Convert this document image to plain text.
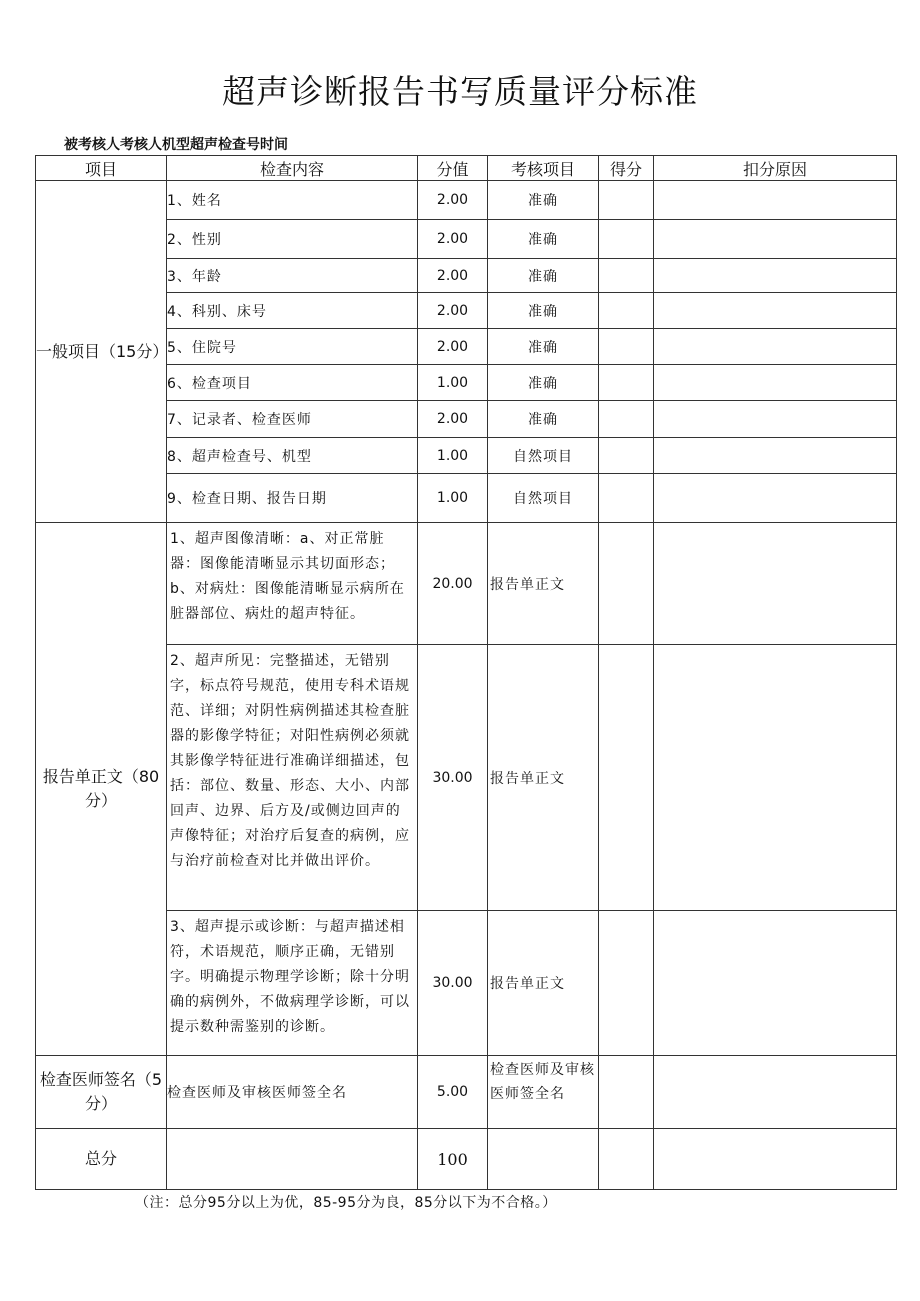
超声诊断报告书写质量评分标准
被考核人考核人机型超声检查号时间
项目	检查内容	分值	考核项目	得分	扣分原因
一般项目（15分）	1、姓名	2.00	准确		
	2、性别	2.00	准确		
	3、年龄	2.00	准确		
	4、科别、床号	2.00	准确		
	5、住院号	2.00	准确		
	6、检查项目	1.00	准确		
	7、记录者、检查医师	2.00	准确		
	8、超声检查号、机型	1.00	自然项目		
	9、检查日期、报告日期	1.00	自然项目		
报告单正文（80分）	1、超声图像清晰：a、对正常脏器：图像能清晰显示其切面形态；b、对病灶：图像能清晰显示病所在脏器部位、病灶的超声特征。	20.00	报告单正文		
	2、超声所见：完整描述，无错别字，标点符号规范，使用专科术语规范、详细；对阴性病例描述其检查脏器的影像学特征；对阳性病例必须就其影像学特征进行准确详细描述，包括：部位、数量、形态、大小、内部回声、边界、后方及/或侧边回声的声像特征；对治疗后复查的病例，应与治疗前检查对比并做出评价。	30.00	报告单正文		
	3、超声提示或诊断：与超声描述相符，术语规范，顺序正确，无错别字。明确提示物理学诊断；除十分明确的病例外，不做病理学诊断，可以提示数种需鉴别的诊断。	30.00	报告单正文		
检查医师签名（5分）	检查医师及审核医师签全名	5.00	检查医师及审核医师签全名		
总分		100			
（注：总分95分以上为优，85-95分为良，85分以下为不合格。）
